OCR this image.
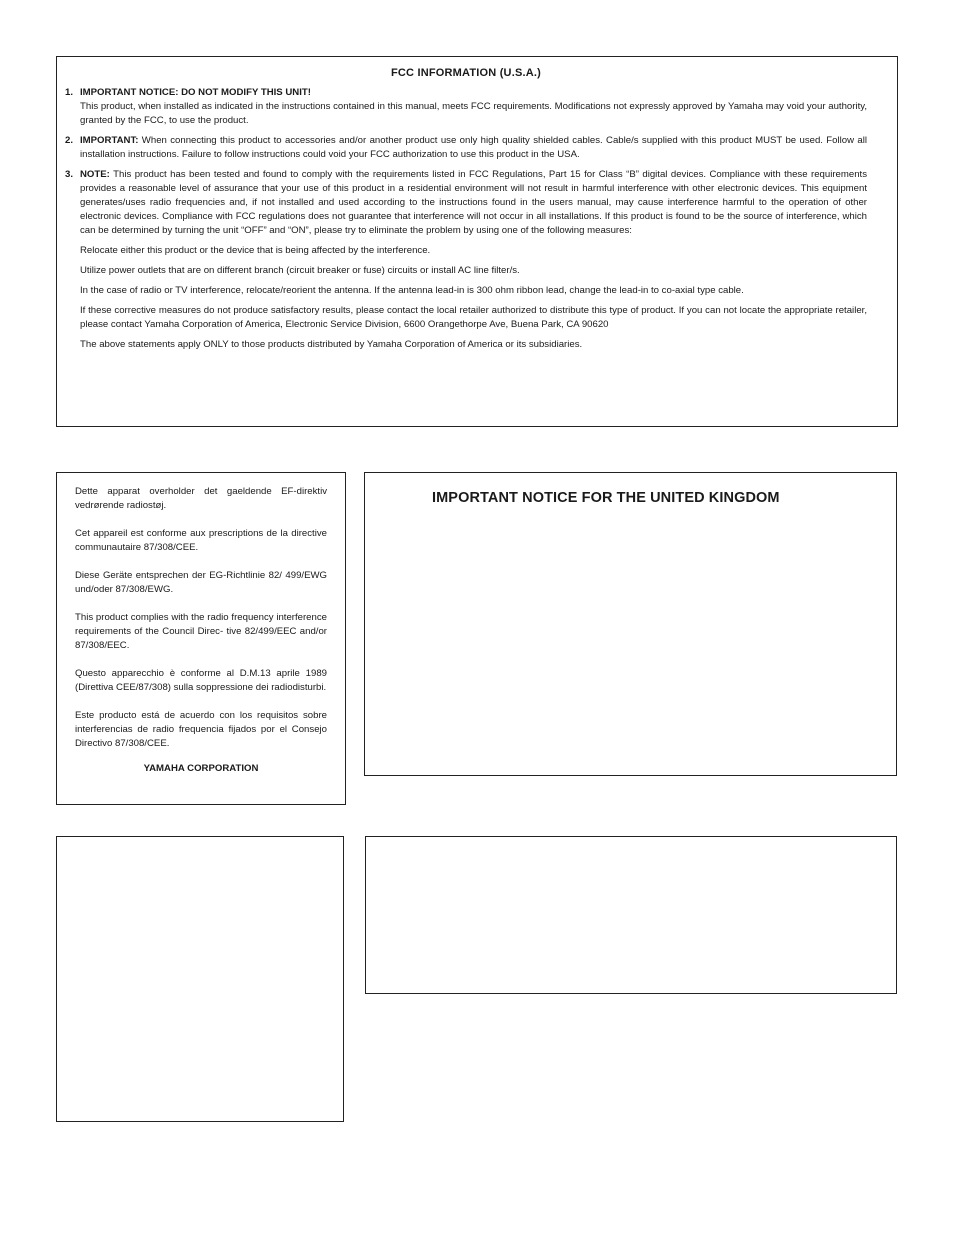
FCC INFORMATION (U.S.A.)
1. IMPORTANT NOTICE: DO NOT MODIFY THIS UNIT!
This product, when installed as indicated in the instructions contained in this manual, meets FCC requirements. Modifications not expressly approved by Yamaha may void your authority, granted by the FCC, to use the product.
2. IMPORTANT: When connecting this product to accessories and/or another product use only high quality shielded cables. Cable/s supplied with this product MUST be used. Follow all installation instructions. Failure to follow instructions could void your FCC authorization to use this product in the USA.
3. NOTE: This product has been tested and found to comply with the requirements listed in FCC Regulations, Part 15 for Class “B” digital devices. Compliance with these requirements provides a reasonable level of assurance that your use of this product in a residential environment will not result in harmful interference with other electronic devices. This equipment generates/uses radio frequencies and, if not installed and used according to the instructions found in the users manual, may cause interference harmful to the operation of other electronic devices. Compliance with FCC regulations does not guarantee that interference will not occur in all installations. If this product is found to be the source of interference, which can be determined by turning the unit “OFF” and “ON”, please try to eliminate the problem by using one of the following measures:
Relocate either this product or the device that is being affected by the interference.
Utilize power outlets that are on different branch (circuit breaker or fuse) circuits or install AC line filter/s.
In the case of radio or TV interference, relocate/reorient the antenna. If the antenna lead-in is 300 ohm ribbon lead, change the lead-in to co-axial type cable.
If these corrective measures do not produce satisfactory results, please contact the local retailer authorized to distribute this type of product. If you can not locate the appropriate retailer, please contact Yamaha Corporation of America, Electronic Service Division, 6600 Orangethorpe Ave, Buena Park, CA 90620
The above statements apply ONLY to those products distributed by Yamaha Corporation of America or its subsidiaries.

Dette apparat overholder det gaeldende EF-direktiv vedrørende radiostøj.

Cet appareil est conforme aux prescriptions de la directive communautaire 87/308/CEE.

Diese Geräte entsprechen der EG-Richtlinie 82/ 499/EWG und/oder 87/308/EWG.

This product complies with the radio frequency interference requirements of the Council Direc- tive 82/499/EEC and/or 87/308/EEC.

Questo apparecchio è conforme al D.M.13 aprile 1989 (Direttiva CEE/87/308) sulla soppressione dei radiodisturbi.

Este producto está de acuerdo con los requisitos sobre interferencias de radio frequencia fijados por el Consejo Directivo 87/308/CEE.

YAMAHA CORPORATION
IMPORTANT NOTICE FOR THE UNITED KINGDOM
